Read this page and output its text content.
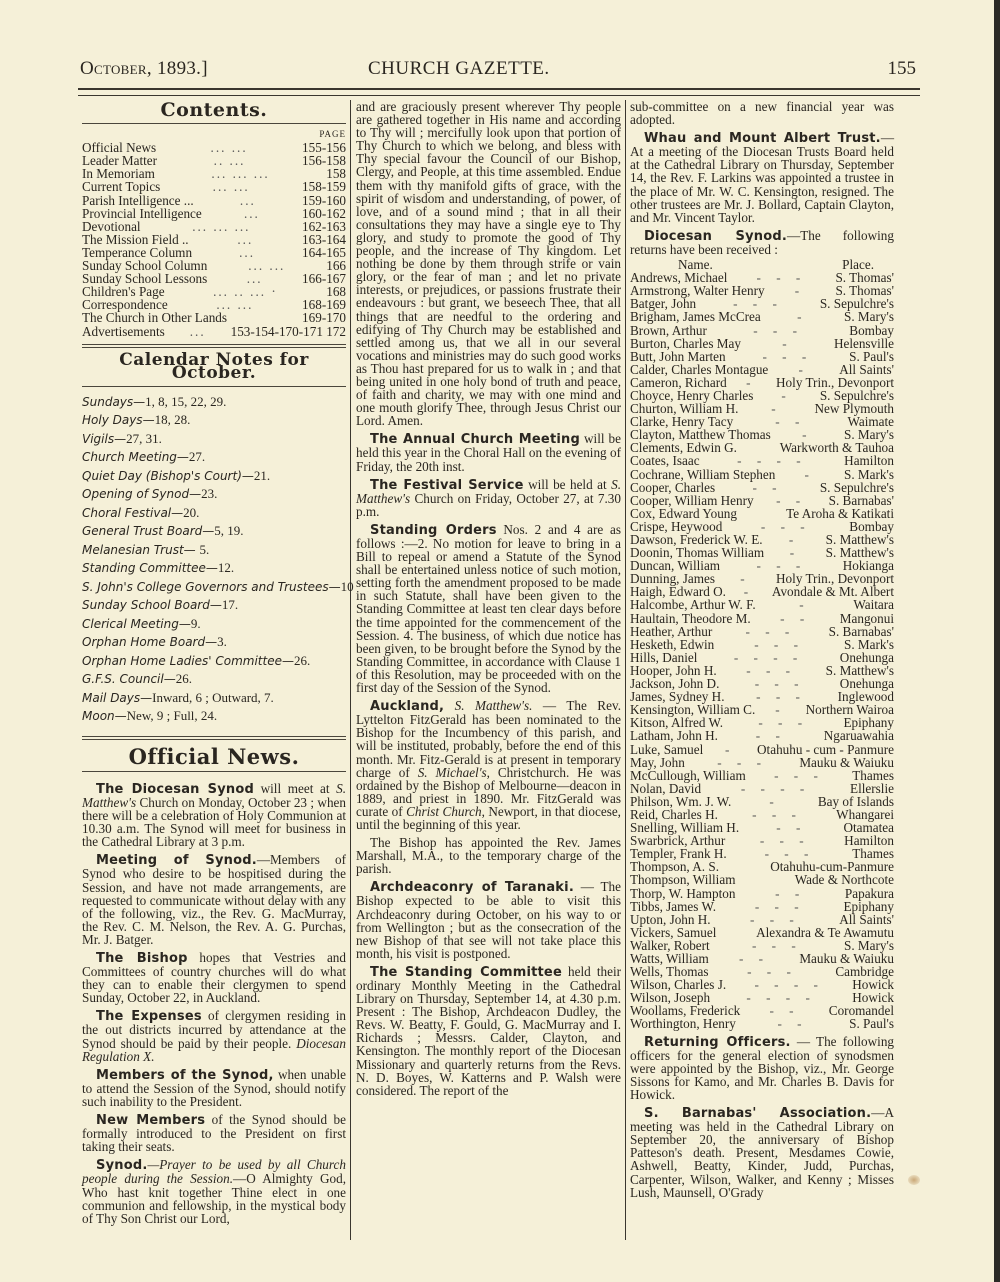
October, 1893.]	CHURCH GAZETTE.	155
Contents.
PAGE
Official News	... ...	155-156
Leader Matter	.. ...	156-158
In Memoriam	... ... ...	158
Current Topics	... ...	158-159
Parish Intelligence ...	...	159-160
Provincial Intelligence	...	160-162
Devotional	... ... ...	162-163
The Mission Field ..	...	163-164
Temperance Column	...	164-165
Sunday School Column	... ...	166
Sunday School Lessons	...	166-167
Children's Page	... .. ... ·	168
Correspondence	... ...	168-169
The Church in Other Lands	169-170
Advertisements	...	153-154-170-171 172
Calendar Notes for October.
Sundays—1, 8, 15, 22, 29.
Holy Days—18, 28.
Vigils—27, 31.
Church Meeting—27.
Quiet Day (Bishop's Court)—21.
Opening of Synod—23.
Choral Festival—20.
General Trust Board—5, 19.
Melanesian Trust— 5.
Standing Committee—12.
S. John's College Governors and Trustees—10
Sunday School Board—17.
Clerical Meeting—9.
Orphan Home Board—3.
Orphan Home Ladies' Committee—26.
G.F.S. Council—26.
Mail Days—Inward, 6 ; Outward, 7.
Moon—New, 9 ; Full, 24.
Official News.

The Diocesan Synod will meet at S. Matthew's Church on Monday, October 23 ; when there will be a celebration of Holy Communion at 10.30 a.m. The Synod will meet for business in the Cathedral Library at 3 p.m.

Meeting of Synod.—Members of Synod who desire to be hospitised during the Session, and have not made arrangements, are requested to communicate without delay with any of the following, viz., the Rev. G. MacMurray, the Rev. C. M. Nelson, the Rev. A. G. Purchas, Mr. J. Batger.

The Bishop hopes that Vestries and Committees of country churches will do what they can to enable their clergymen to spend Sunday, October 22, in Auckland.

The Expenses of clergymen residing in the out districts incurred by attendance at the Synod should be paid by their people. Diocesan Regulation X.

Members of the Synod, when unable to attend the Session of the Synod, should notify such inability to the President.

New Members of the Synod should be formally introduced to the President on first taking their seats.

Synod.—Prayer to be used by all Church people during the Session.—O Almighty God, Who hast knit together Thine elect in one communion and fellowship, in the mystical body of Thy Son Christ our Lord,

and are graciously present wherever Thy people are gathered together in His name and according to Thy will ; mercifully look upon that portion of Thy Church to which we belong, and bless with Thy special favour the Council of our Bishop, Clergy, and People, at this time assembled. Endue them with thy manifold gifts of grace, with the spirit of wisdom and understanding, of power, of love, and of a sound mind ; that in all their consultations they may have a single eye to Thy glory, and study to promote the good of Thy people, and the increase of Thy kingdom. Let nothing be done by them through strife or vain glory, or the fear of man ; and let no private interests, or prejudices, or passions frustrate their endeavours : but grant, we beseech Thee, that all things that are needful to the ordering and edifying of Thy Church may be established and settled among us, that we all in our several vocations and ministries may do such good works as Thou hast prepared for us to walk in ; and that being united in one holy bond of truth and peace, of faith and charity, we may with one mind and one mouth glorify Thee, through Jesus Christ our Lord. Amen.

The Annual Church Meeting will be held this year in the Choral Hall on the evening of Friday, the 20th inst.

The Festival Service will be held at S. Matthew's Church on Friday, October 27, at 7.30 p.m.

Standing Orders Nos. 2 and 4 are as follows :—2. No motion for leave to bring in a Bill to repeal or amend a Statute of the Synod shall be entertained unless notice of such motion, setting forth the amendment proposed to be made in such Statute, shall have been given to the Standing Committee at least ten clear days before the time appointed for the commencement of the Session. 4. The business, of which due notice has been given, to be brought before the Synod by the Standing Committee, in accordance with Clause 1 of this Resolution, may be proceeded with on the first day of the Session of the Synod.

Auckland, S. Matthew's. — The Rev. Lyttelton FitzGerald has been nominated to the Bishop for the Incumbency of this parish, and will be instituted, probably, before the end of this month. Mr. Fitz-Gerald is at present in temporary charge of S. Michael's, Christchurch. He was ordained by the Bishop of Melbourne—deacon in 1889, and priest in 1890. Mr. FitzGerald was curate of Christ Church, Newport, in that diocese, until the beginning of this year.

The Bishop has appointed the Rev. James Marshall, M.A., to the temporary charge of the parish.

Archdeaconry of Taranaki. — The Bishop expected to be able to visit this Archdeaconry during October, on his way to or from Wellington ; but as the consecration of the new Bishop of that see will not take place this month, his visit is postponed.

The Standing Committee held their ordinary Monthly Meeting in the Cathedral Library on Thursday, September 14, at 4.30 p.m. Present : The Bishop, Archdeacon Dudley, the Revs. W. Beatty, F. Gould, G. MacMurray and I. Richards ; Messrs. Calder, Clayton, and Kensington. The monthly report of the Diocesan Missionary and quarterly returns from the Revs. N. D. Boyes, W. Katterns and P. Walsh were considered. The report of the

sub-committee on a new financial year was adopted.

Whau and Mount Albert Trust.—At a meeting of the Diocesan Trusts Board held at the Cathedral Library on Thursday, September 14, the Rev. F. Larkins was appointed a trustee in the place of Mr. W. C. Kensington, resigned. The other trustees are Mr. J. Bollard, Captain Clayton, and Mr. Vincent Taylor.

Diocesan Synod.—The following returns have been received :

Name.	Place.
Andrews, Michael	- - -	S. Thomas'
Armstrong, Walter Henry	-	S. Thomas'
Batger, John	- - -	S. Sepulchre's
Brigham, James McCrea	-	S. Mary's
Brown, Arthur	- - -	Bombay
Burton, Charles May	-	Helensville
Butt, John Marten	- - -	S. Paul's
Calder, Charles Montague	-	All Saints'
Cameron, Richard	-	Holy Trin., Devonport
Choyce, Henry Charles	-	S. Sepulchre's
Churton, William H.	-	New Plymouth
Clarke, Henry Tacy	- -	Waimate
Clayton, Matthew Thomas	-	S. Mary's
Clements, Edwin G.	Warkworth & Tauhoa
Coates, Isaac	- - - -	Hamilton
Cochrane, William Stephen	-	S. Mark's
Cooper, Charles	- -	S. Sepulchre's
Cooper, William Henry	- -	S. Barnabas'
Cox, Edward Young	Te Aroha & Katikati
Crispe, Heywood	- - -	Bombay
Dawson, Frederick W. E.	-	S. Matthew's
Doonin, Thomas William	-	S. Matthew's
Duncan, William	- - -	Hokianga
Dunning, James	-	Holy Trin., Devonport
Haigh, Edward O.	-	Avondale & Mt. Albert
Halcombe, Arthur W. F.	-	Waitara
Haultain, Theodore M.	- -	Mangonui
Heather, Arthur	- - -	S. Barnabas'
Hesketh, Edwin	- - -	S. Mark's
Hills, Daniel	- - - -	Onehunga
Hooper, John H.	- - -	S. Matthew's
Jackson, John D.	- - -	Onehunga
James, Sydney H.	- - -	Inglewood
Kensington, William C.	-	Northern Wairoa
Kitson, Alfred W.	- - -	Epiphany
Latham, John H.	- -	Ngaruawahia
Luke, Samuel	-	Otahuhu - cum - Panmure
May, John	- - -	Mauku & Waiuku
McCullough, William	- - -	Thames
Nolan, David	- - - -	Ellerslie
Philson, Wm. J. W.	-	Bay of Islands
Reid, Charles H.	- - -	Whangarei
Snelling, William H.	- -	Otamatea
Swarbrick, Arthur	- - -	Hamilton
Templer, Frank H.	- - -	Thames
Thompson, A. S.	Otahuhu-cum-Panmure
Thompson, William	Wade & Northcote
Thorp, W. Hampton	- -	Papakura
Tibbs, James W.	- - -	Epiphany
Upton, John H.	- - -	All Saints'
Vickers, Samuel	Alexandra & Te Awamutu
Walker, Robert	- - -	S. Mary's
Watts, William	- -	Mauku & Waiuku
Wells, Thomas	- - -	Cambridge
Wilson, Charles J.	- - - -	Howick
Wilson, Joseph	- - - -	Howick
Woollams, Frederick	- -	Coromandel
Worthington, Henry	- -	S. Paul's

Returning Officers. — The following officers for the general election of synodsmen were appointed by the Bishop, viz., Mr. George Sissons for Kamo, and Mr. Charles B. Davis for Howick.

S. Barnabas' Association.—A meeting was held in the Cathedral Library on September 20, the anniversary of Bishop Patteson's death. Present, Mesdames Cowie, Ashwell, Beatty, Kinder, Judd, Purchas, Carpenter, Wilson, Walker, and Kenny ; Misses Lush, Maunsell, O'Grady
